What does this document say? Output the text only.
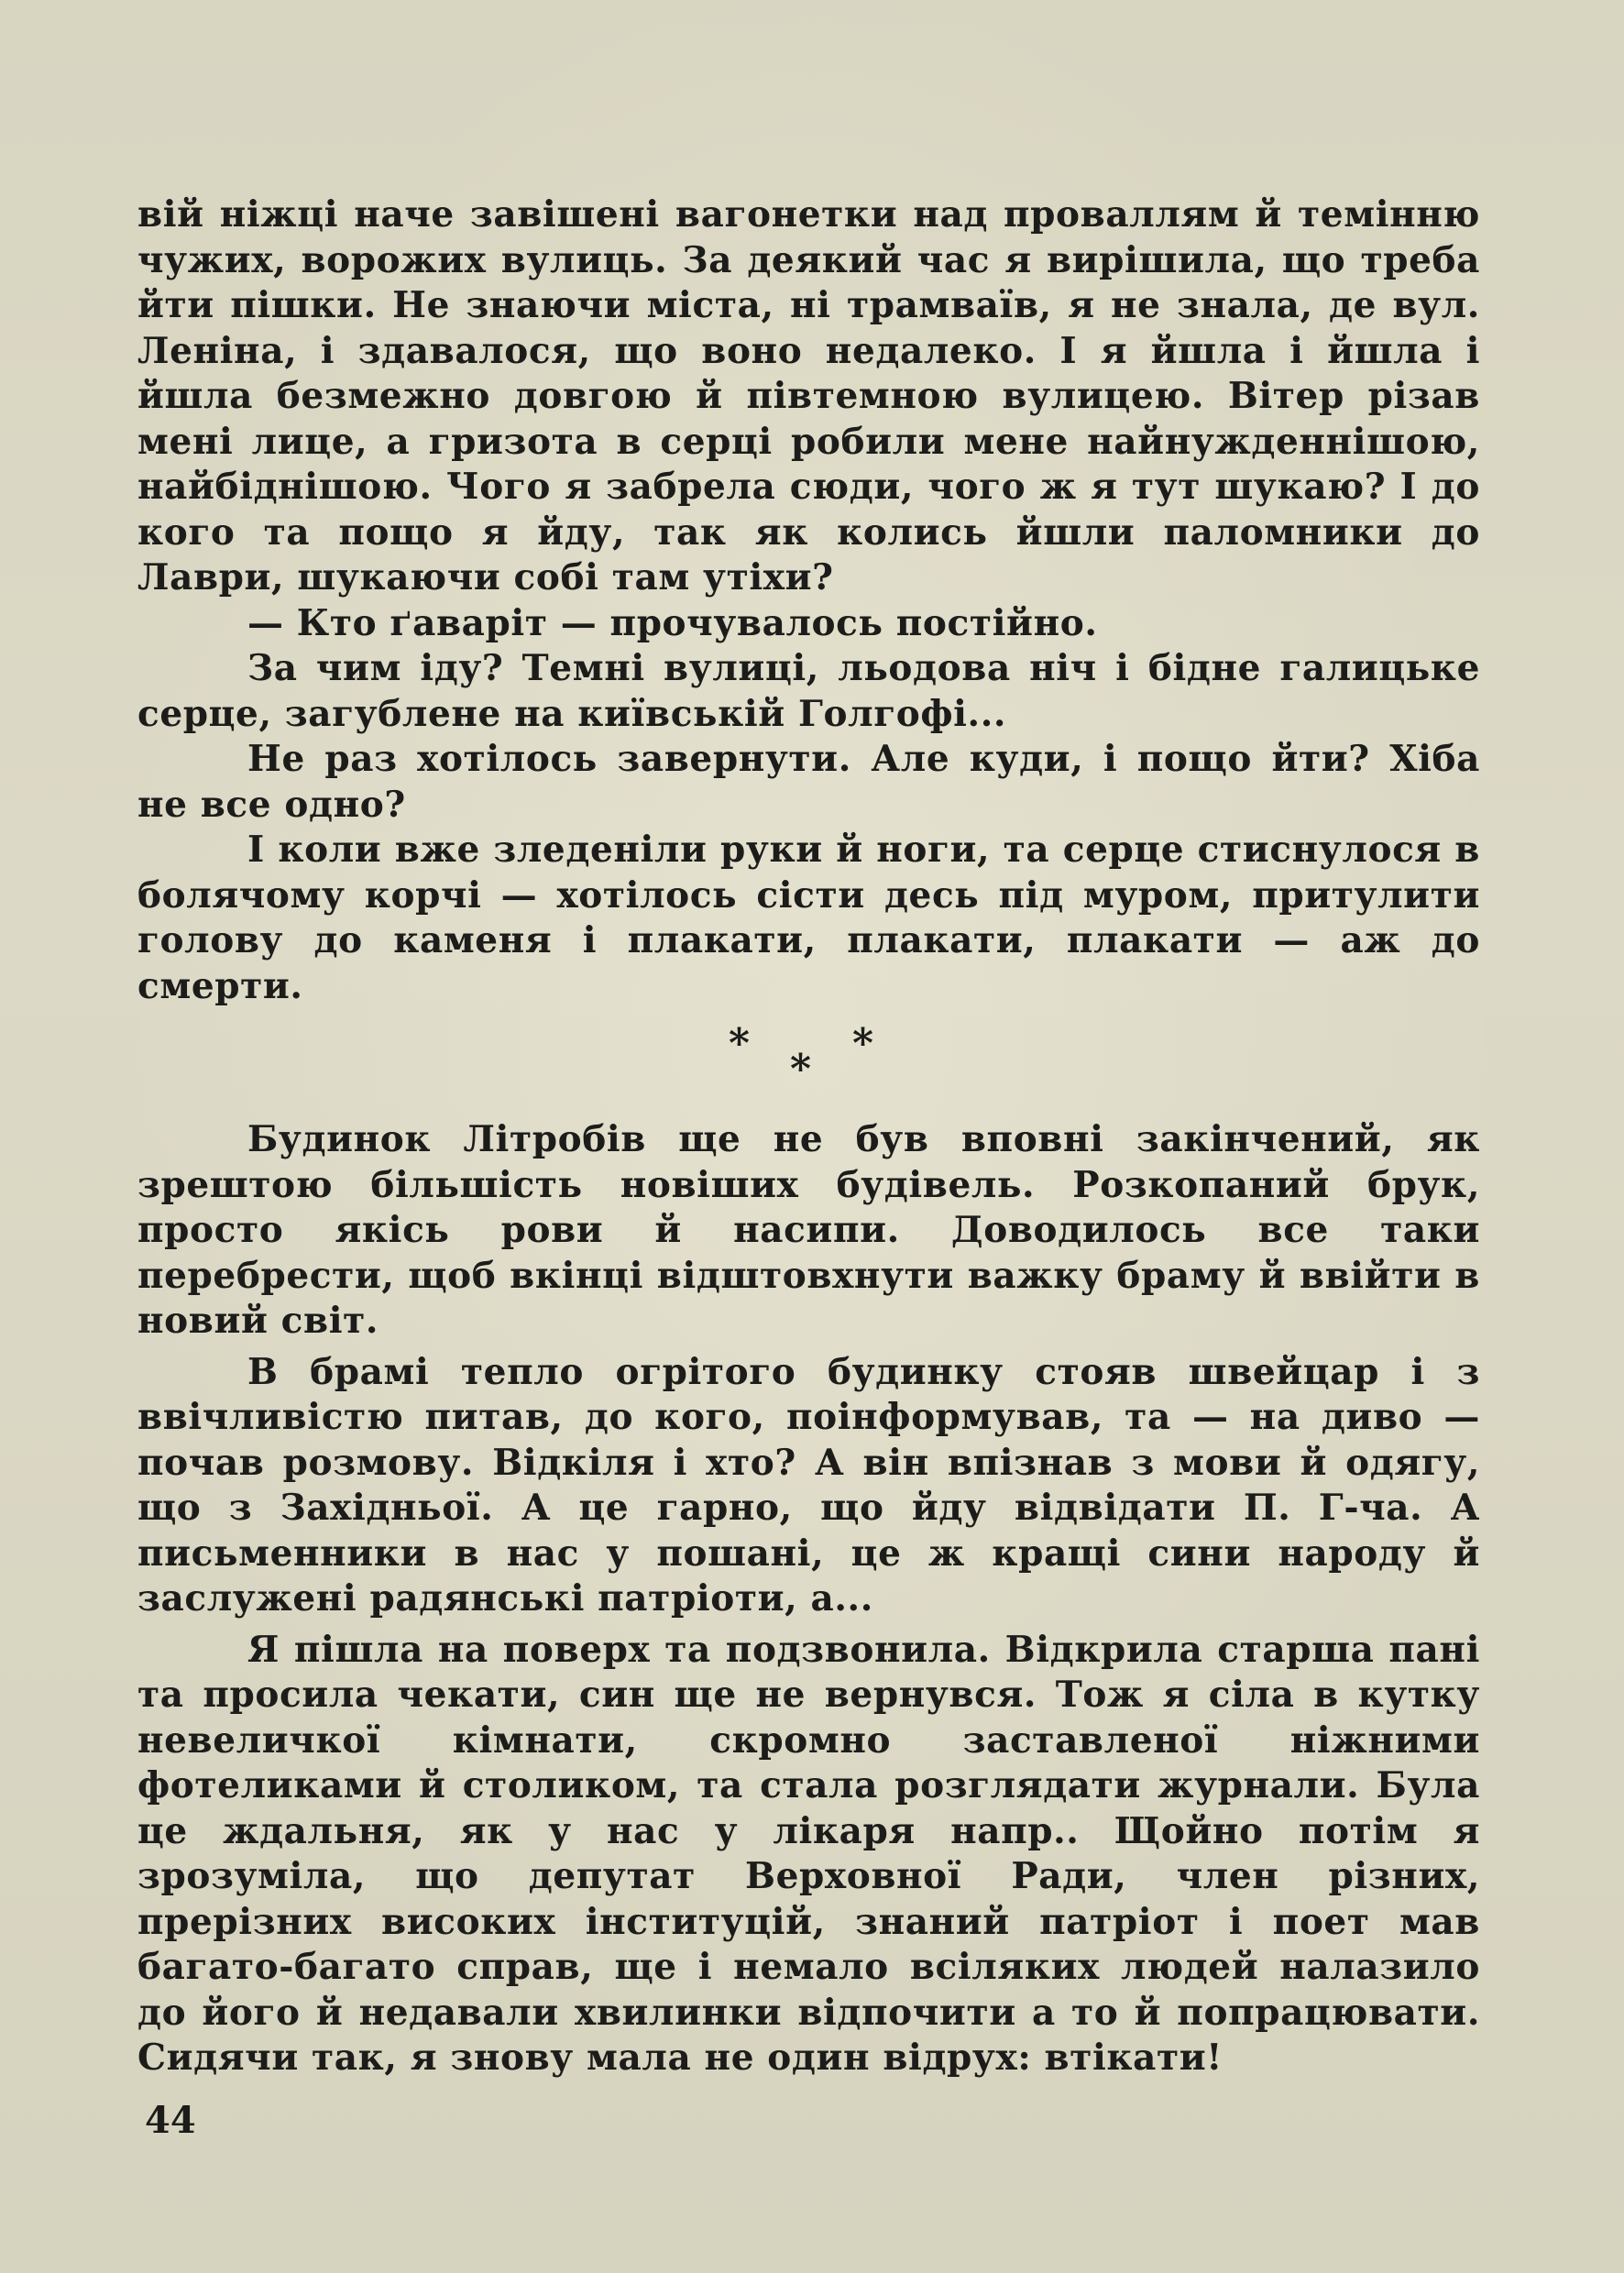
вій ніжці наче завішені вагонетки над проваллям й темінню чужих, ворожих вулиць. За деякий час я вирішила, що треба йти пішки. Не знаючи міста, ні трамваїв, я не знала, де вул. Леніна, і здавалося, що воно недалеко. І я йшла і йшла і йшла безмежно довгою й півтемною вулицею. Вітер різав мені лице, а гризота в серці робили мене найнужденнішою, найбіднішою. Чого я забрела сюди, чого ж я тут шукаю? І до кого та пощо я йду, так як колись йшли паломники до Лаври, шукаючи собі там утіхи?

— Кто ґаваріт — прочувалось постійно.

За чим іду? Темні вулиці, льодова ніч і бідне галицьке серце, загублене на київській Голгофі...

Не раз хотілось завернути. Але куди, і пощо йти? Хіба не все одно?

І коли вже зледеніли руки й ноги, та серце стиснулося в болячому корчі — хотілось сісти десь під муром, притулити голову до каменя і плакати, плакати, плакати — аж до смерти.

*
*
*

Будинок Літробів ще не був вповні закінчений, як зрештою більшість новіших будівель. Розкопаний брук, просто якісь рови й насипи. Доводилось все таки перебрести, щоб вкінці відштовхнути важку браму й ввійти в новий світ.

В брамі тепло огрітого будинку стояв швейцар і з ввічливістю питав, до кого, поінформував, та — на диво — почав розмову. Відкіля і хто? А він впізнав з мови й одягу, що з Західньої. А це гарно, що йду відвідати П. Г-ча. А письменники в нас у пошані, це ж кращі сини народу й заслужені радянські патріоти, а...

Я пішла на поверх та подзвонила. Відкрила старша пані та просила чекати, син ще не вернувся. Тож я сіла в кутку невеличкої кімнати, скромно заставленої ніжними фотеликами й столиком, та стала розглядати журнали. Була це ждальня, як у нас у лікаря напр.. Щойно потім я зрозуміла, що депутат Верховної Ради, член різних, прерізних високих інституцій, знаний патріот і поет мав багато-багато справ, ще і немало всіляких людей налазило до його й недавали хвилинки відпочити а то й попрацювати. Сидячи так, я знову мала не один відрух: втікати!

44
